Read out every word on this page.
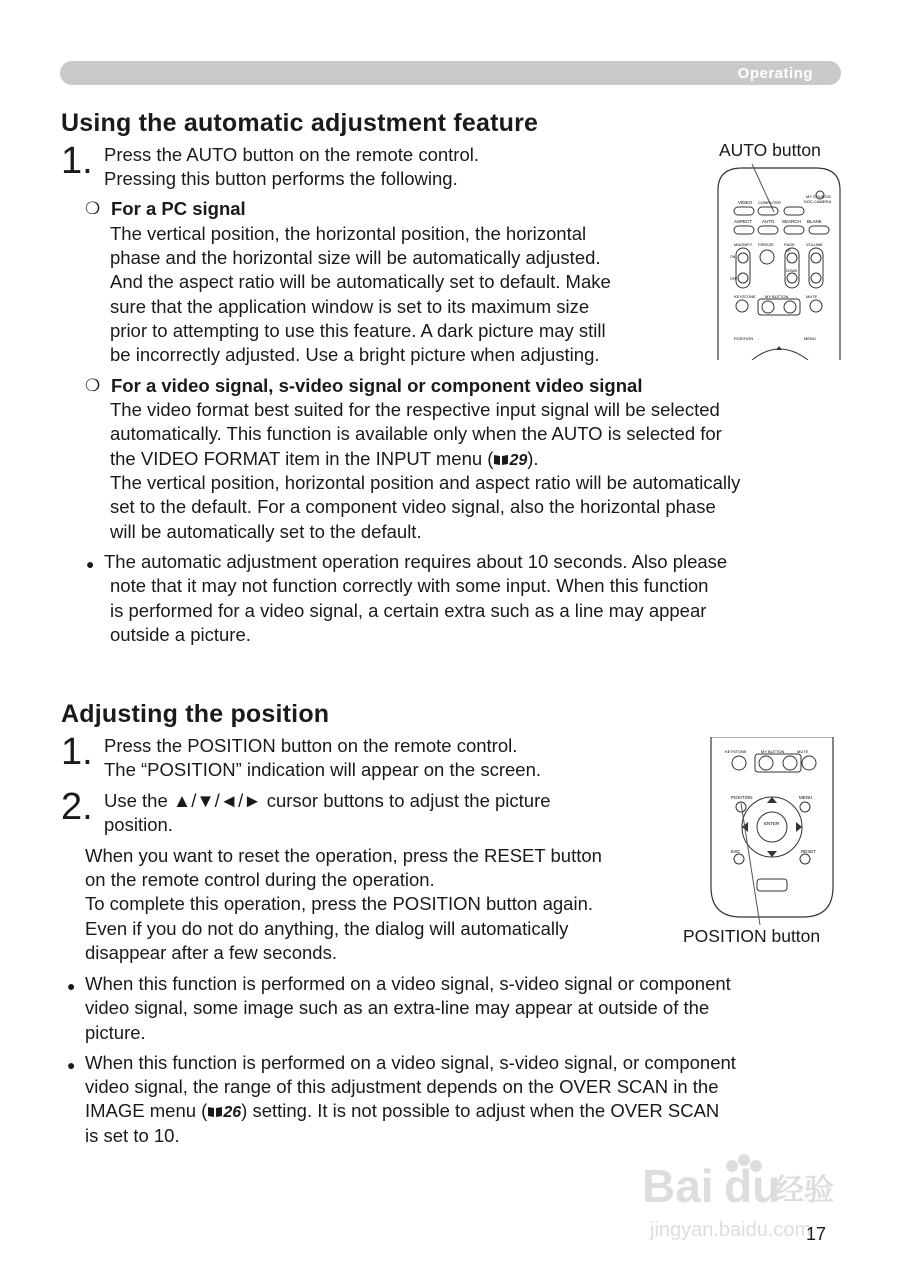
Operating
Using the automatic adjustment feature
1. Press the AUTO button on the remote control.

Pressing this button performs the following.

❍ For a PC signal

The vertical position, the horizontal position, the horizontal

phase and the horizontal size will be automatically adjusted.

And the aspect ratio will be automatically set to default. Make

sure that the application window is set to its maximum size

prior to attempting to use this feature. A dark picture may still

be incorrectly adjusted. Use a bright picture when adjusting.

❍ For a video signal, s-video signal or component video signal

The video format best suited for the respective input signal will be selected

automatically. This function is available only when the AUTO is selected for

the VIDEO FORMAT item in the INPUT menu ( 29).

The vertical position, horizontal position and aspect ratio will be automatically

set to the default. For a component video signal, also the horizontal phase

will be automatically set to the default.

● The automatic adjustment operation requires about 10 seconds. Also please

note that it may not function correctly with some input. When this function

is performed for a video signal, a certain extra such as a line may appear

outside a picture.

AUTO button
MY SOURCE/
DOC.CAMERA
VIDEO COMPUTER
ASPECT AUTO SEARCH BLANK
MAGNIFY FREEZE	PAGE	VOLUME
ON
OFF
UP
DOWN
KEYSTONE MY BUTTON	MUTE
POSITION	MENU
Adjusting the position
1. Press the POSITION button on the remote control.

The “POSITION” indication will appear on the screen.

2. Use the ▲/▼/◄/► cursor buttons to adjust the picture

position.

When you want to reset the operation, press the RESET button

on the remote control during the operation.

To complete this operation, press the POSITION button again.

Even if you do not do anything, the dialog will automatically

disappear after a few seconds.

● When this function is performed on a video signal, s-video signal or component

video signal, some image such as an extra-line may appear at outside of the

picture.

● When this function is performed on a video signal, s-video signal, or component

video signal, the range of this adjustment depends on the OVER SCAN in the

IMAGE menu ( 26) setting. It is not possible to adjust when the OVER SCAN

is set to 10.

KEYSTONE	MY BUTTON	MUTE
POSITION	MENU
ENTER
ESC	RESET
POSITION button
Bai du
经验
jingyan.baidu.com
17
